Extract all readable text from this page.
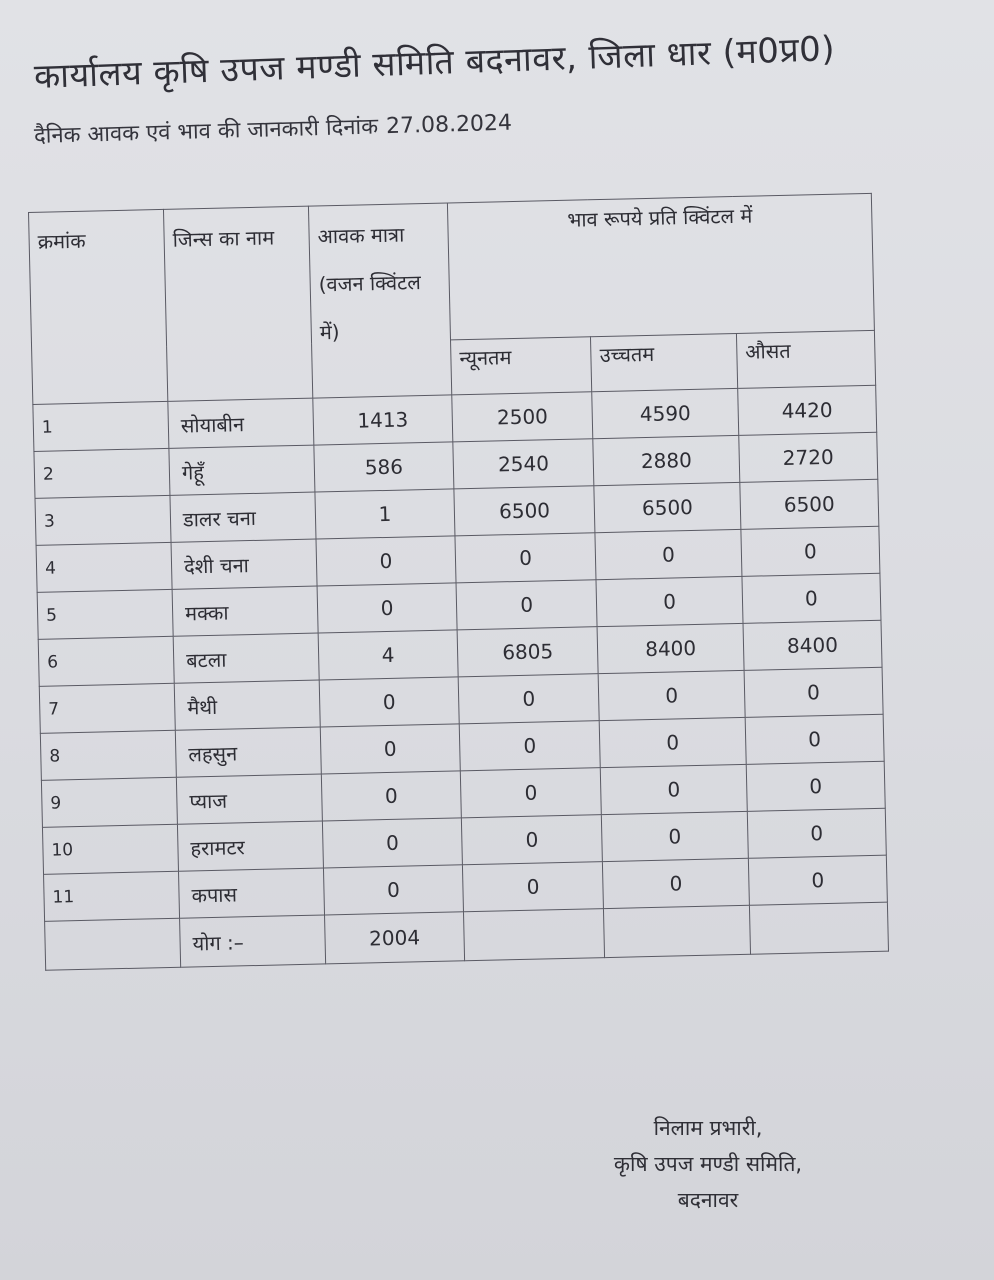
कार्यालय कृषि उपज मण्डी समिति बदनावर, जिला धार (म0प्र0)
दैनिक आवक एवं भाव की जानकारी दिनांक 27.08.2024
क्रमांक	जिन्स का नाम	आवक मात्रा (वजन क्विंटल में)	भाव रूपये प्रति क्विंटल में		
			न्यूनतम	उच्चतम	औसत
1	सोयाबीन	1413	2500	4590	4420
2	गेहूँ	586	2540	2880	2720
3	डालर चना	1	6500	6500	6500
4	देशी चना	0	0	0	0
5	मक्का	0	0	0	0
6	बटला	4	6805	8400	8400
7	मैथी	0	0	0	0
8	लहसुन	0	0	0	0
9	प्याज	0	0	0	0
10	हरामटर	0	0	0	0
11	कपास	0	0	0	0
	योग :–	2004			
निलाम प्रभारी,
कृषि उपज मण्डी समिति,
बदनावर
